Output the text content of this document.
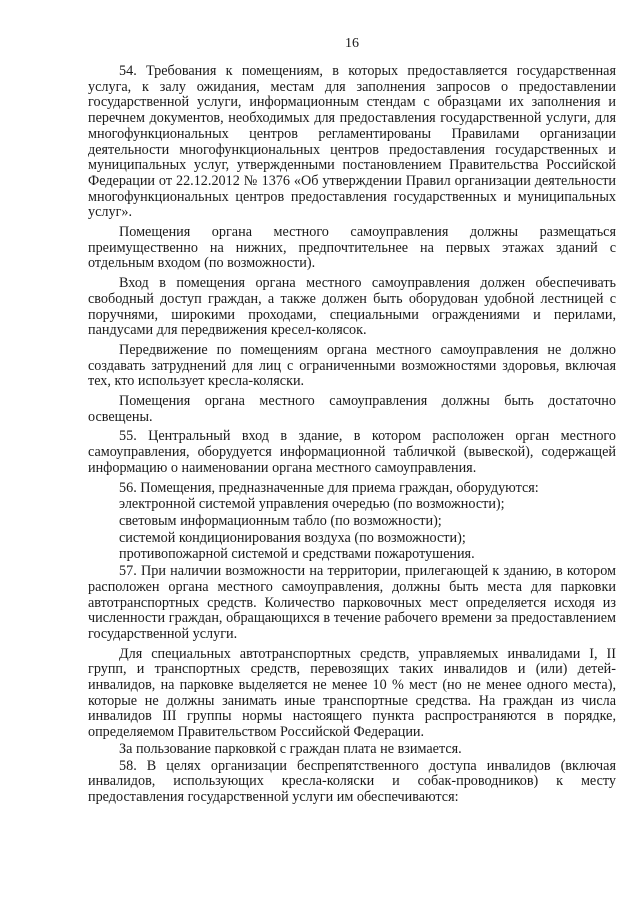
16

54. Требования к помещениям, в которых предоставляется государственная услуга, к залу ожидания, местам для заполнения запросов о предоставлении государственной услуги, информационным стендам с образцами их заполнения и перечнем документов, необходимых для предоставления государственной услуги, для многофункциональных центров регламентированы Правилами организации деятельности многофункциональных центров предоставления государственных и муниципальных услуг, утвержденными постановлением Правительства Российской Федерации от 22.12.2012 № 1376 «Об утверждении Правил организации деятельности многофункциональных центров предоставления государственных и муниципальных услуг».

Помещения органа местного самоуправления должны размещаться преимущественно на нижних, предпочтительнее на первых этажах зданий с отдельным входом (по возможности).

Вход в помещения органа местного самоуправления должен обеспечивать свободный доступ граждан, а также должен быть оборудован удобной лестницей с поручнями, широкими проходами, специальными ограждениями и перилами, пандусами для передвижения кресел-колясок.

Передвижение по помещениям органа местного самоуправления не должно создавать затруднений для лиц с ограниченными возможностями здоровья, включая тех, кто использует кресла-коляски.

Помещения органа местного самоуправления должны быть достаточно освещены.

55. Центральный вход в здание, в котором расположен орган местного самоуправления, оборудуется информационной табличкой (вывеской), содержащей информацию о наименовании органа местного самоуправления.

56. Помещения, предназначенные для приема граждан, оборудуются:

электронной системой управления очередью (по возможности);

световым информационным табло (по возможности);

системой кондиционирования воздуха (по возможности);

противопожарной системой и средствами пожаротушения.

57. При наличии возможности на территории, прилегающей к зданию, в котором расположен органа местного самоуправления, должны быть места для парковки автотранспортных средств. Количество парковочных мест определяется исходя из численности граждан, обращающихся в течение рабочего времени за предоставлением государственной услуги.

Для специальных автотранспортных средств, управляемых инвалидами I, II групп, и транспортных средств, перевозящих таких инвалидов и (или) детей-инвалидов, на парковке выделяется не менее 10 % мест (но не менее одного места), которые не должны занимать иные транспортные средства. На граждан из числа инвалидов III группы нормы настоящего пункта распространяются в порядке, определяемом Правительством Российской Федерации.

За пользование парковкой с граждан плата не взимается.

58. В целях организации беспрепятственного доступа инвалидов (включая инвалидов, использующих кресла-коляски и собак-проводников) к месту предоставления государственной услуги им обеспечиваются:
